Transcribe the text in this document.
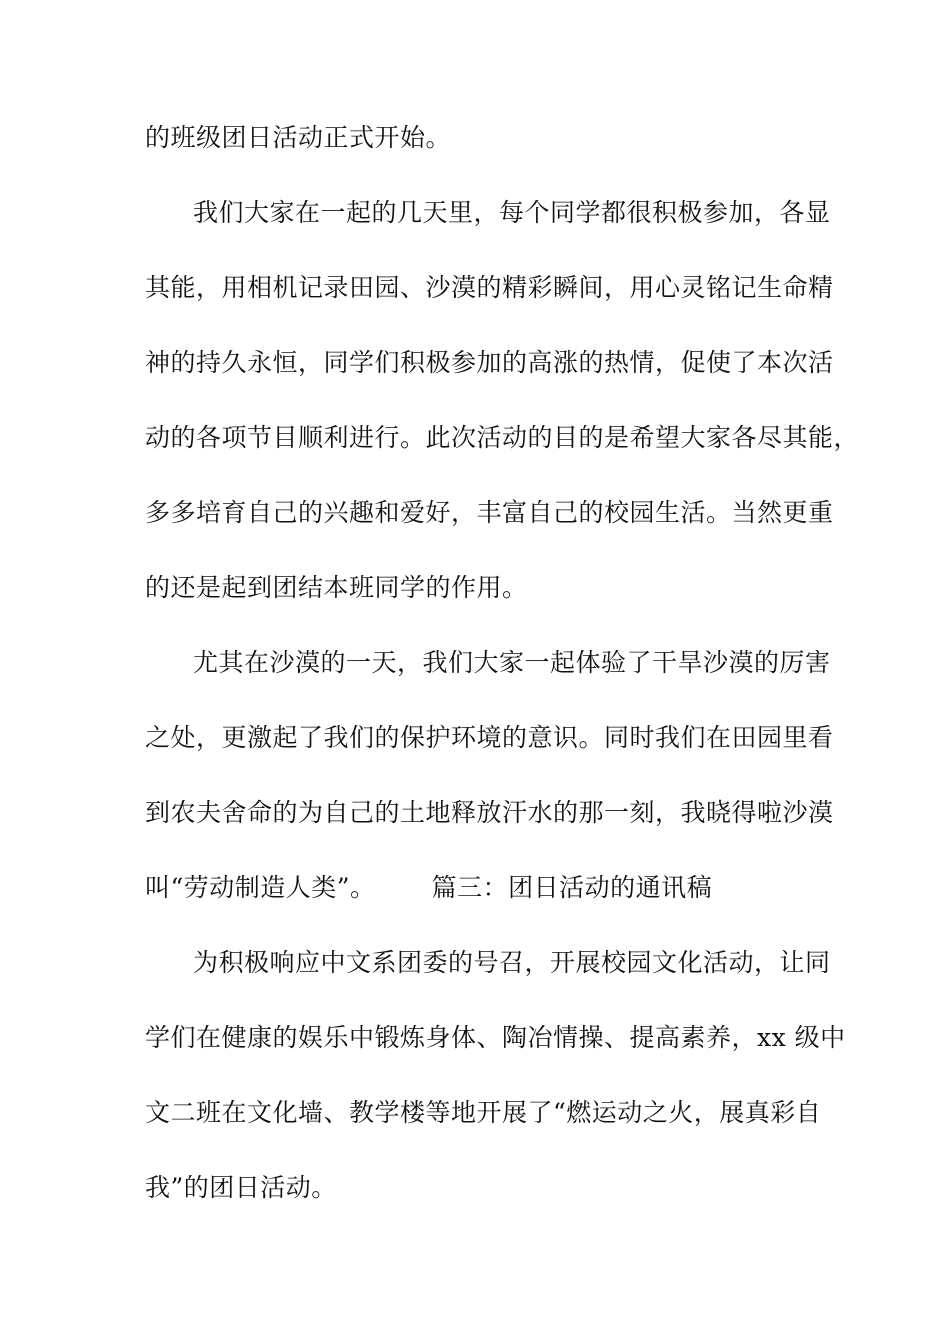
的班级团日活动正式开始。
我们大家在一起的几天里，每个同学都很积极参加，各显
其能，用相机记录田园、沙漠的精彩瞬间，用心灵铭记生命精
神的持久永恒，同学们积极参加的高涨的热情，促使了本次活
动的各项节目顺利进行。此次活动的目的是希望大家各尽其能，
多多培育自己的兴趣和爱好，丰富自己的校园生活。当然更重
的还是起到团结本班同学的作用。
尤其在沙漠的一天，我们大家一起体验了干旱沙漠的厉害
之处，更激起了我们的保护环境的意识。同时我们在田园里看
到农夫舍命的为自己的土地释放汗水的那一刻，我晓得啦沙漠
叫“劳动制造人类”。 篇三：团日活动的通讯稿
为积极响应中文系团委的号召，开展校园文化活动，让同
学们在健康的娱乐中锻炼身体、陶冶情操、提高素养，xx 级中
文二班在文化墙、教学楼等地开展了“燃运动之火，展真彩自
我”的团日活动。
